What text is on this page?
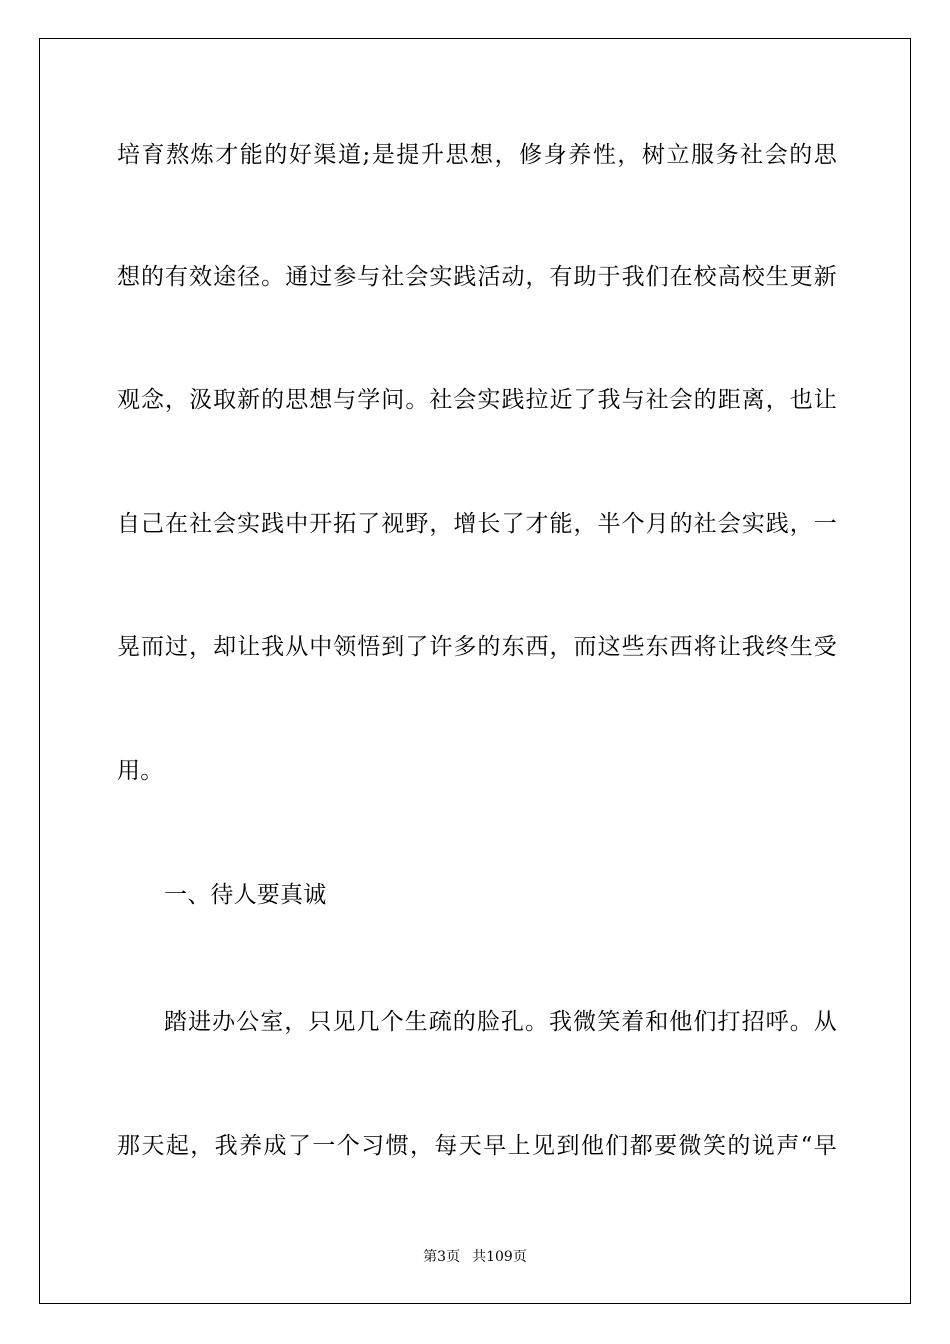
培育熬炼才能的好渠道;是提升思想，修身养性，树立服务社会的思
想的有效途径。通过参与社会实践活动，有助于我们在校高校生更新
观念，汲取新的思想与学问。社会实践拉近了我与社会的距离，也让
自己在社会实践中开拓了视野，增长了才能，半个月的社会实践，一
晃而过，却让我从中领悟到了许多的东西，而这些东西将让我终生受
用。
一、待人要真诚
踏进办公室，只见几个生疏的脸孔。我微笑着和他们打招呼。从
那天起，我养成了一个习惯，每天早上见到他们都要微笑的说声“早
第3页 共109页
